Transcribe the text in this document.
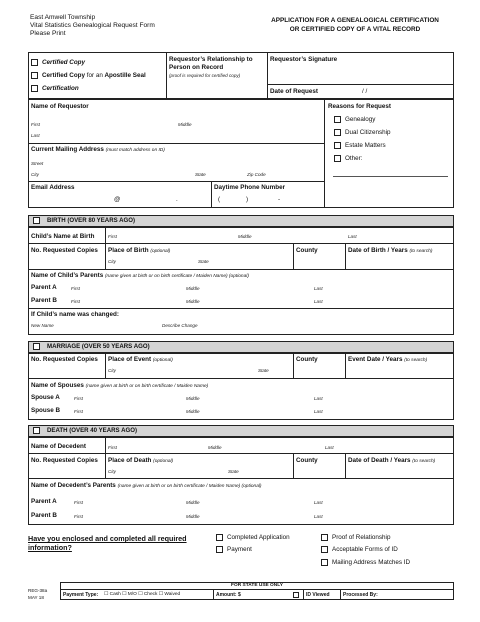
East Amwell Township
Vital Statistics Genealogical Request Form
Please Print
APPLICATION FOR A GENEALOGICAL CERTIFICATION
OR CERTIFIED COPY OF A VITAL RECORD
Certified Copy
Certified Copy for an Apostille Seal
Certification
Requestor’s Relationship to Person on Record
(proof is required for certified copy)
Requestor’s Signature
Date of Request	/ /
Name of Requestor
First	Middle
Last
Current Mailing Address (must match address on ID)
Street
City	State	Zip Code
Email Address
@	.
Daytime Phone Number
(	)	-
Reasons for Request
Genealogy
Dual Citizenship
Estate Matters
Other:
BIRTH (OVER 80 YEARS AGO)
Child’s Name at Birth	First	Middle	Last
No. Requested Copies Place of Birth (optional)
City	State
County	Date of Birth / Years (to search)
Name of Child’s Parents (name given at birth or on birth certificate / Maiden Name) (optional)
Parent A	First	Middle	Last
Parent B	First	Middle	Last
If Child’s name was changed:
New Name	Describe Change
MARRIAGE (OVER 50 YEARS AGO)
No. Requested Copies Place of Event (optional)
City	State
County	Event Date / Years (to search)
Name of Spouses (name given at birth or on birth certificate / Maiden Name)
Spouse A	First	Middle	Last
Spouse B	First	Middle	Last
DEATH (OVER 40 YEARS AGO)
Name of Decedent	First	Middle	Last
No. Requested Copies Place of Death (optional)
City	State
County	Date of Death / Years (to search)
Name of Decedent’s Parents (name given at birth or on birth certificate / Maiden Name) (optional)
Parent A	First	Middle	Last
Parent B	First	Middle	Last
Have you enclosed and completed all required information?
Completed Application
Payment
Proof of Relationship
Acceptable Forms of ID
Mailing Address Matches ID
REG-38a
MAY 18
FOR STATE USE ONLY
Payment Type: ☐ Cash ☐ M/O ☐ Check ☐ Waived	Amount: $	ID Viewed	Processed By:
